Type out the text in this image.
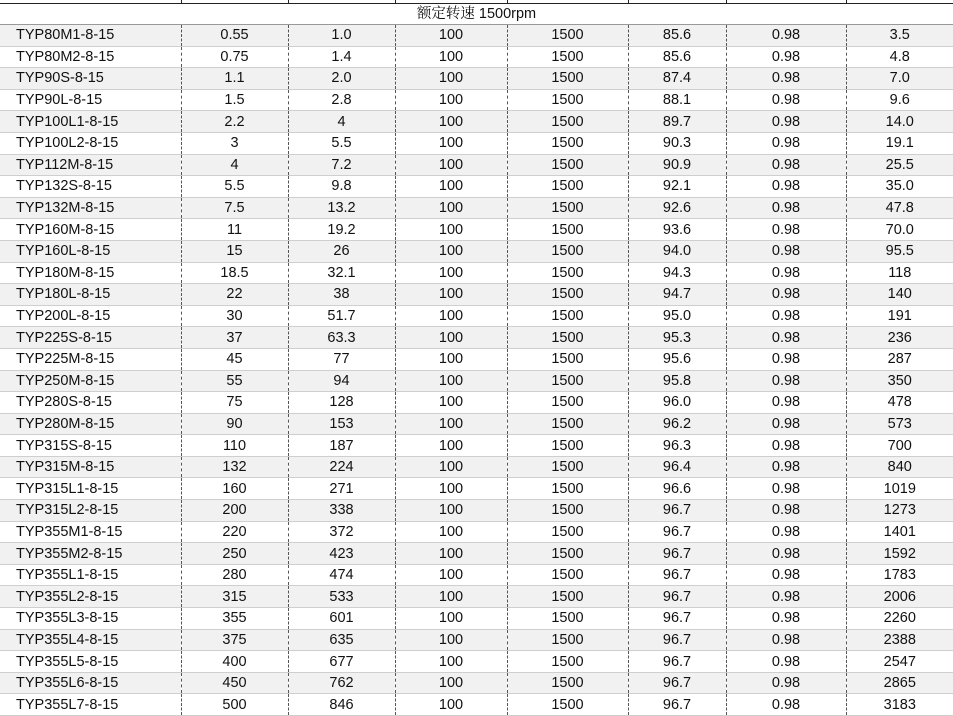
额定转速 1500rpm							
TYP80M1-8-15	0.55	1.0	100	1500	85.6	0.98	3.5
TYP80M2-8-15	0.75	1.4	100	1500	85.6	0.98	4.8
TYP90S-8-15	1.1	2.0	100	1500	87.4	0.98	7.0
TYP90L-8-15	1.5	2.8	100	1500	88.1	0.98	9.6
TYP100L1-8-15	2.2	4	100	1500	89.7	0.98	14.0
TYP100L2-8-15	3	5.5	100	1500	90.3	0.98	19.1
TYP112M-8-15	4	7.2	100	1500	90.9	0.98	25.5
TYP132S-8-15	5.5	9.8	100	1500	92.1	0.98	35.0
TYP132M-8-15	7.5	13.2	100	1500	92.6	0.98	47.8
TYP160M-8-15	11	19.2	100	1500	93.6	0.98	70.0
TYP160L-8-15	15	26	100	1500	94.0	0.98	95.5
TYP180M-8-15	18.5	32.1	100	1500	94.3	0.98	118
TYP180L-8-15	22	38	100	1500	94.7	0.98	140
TYP200L-8-15	30	51.7	100	1500	95.0	0.98	191
TYP225S-8-15	37	63.3	100	1500	95.3	0.98	236
TYP225M-8-15	45	77	100	1500	95.6	0.98	287
TYP250M-8-15	55	94	100	1500	95.8	0.98	350
TYP280S-8-15	75	128	100	1500	96.0	0.98	478
TYP280M-8-15	90	153	100	1500	96.2	0.98	573
TYP315S-8-15	110	187	100	1500	96.3	0.98	700
TYP315M-8-15	132	224	100	1500	96.4	0.98	840
TYP315L1-8-15	160	271	100	1500	96.6	0.98	1019
TYP315L2-8-15	200	338	100	1500	96.7	0.98	1273
TYP355M1-8-15	220	372	100	1500	96.7	0.98	1401
TYP355M2-8-15	250	423	100	1500	96.7	0.98	1592
TYP355L1-8-15	280	474	100	1500	96.7	0.98	1783
TYP355L2-8-15	315	533	100	1500	96.7	0.98	2006
TYP355L3-8-15	355	601	100	1500	96.7	0.98	2260
TYP355L4-8-15	375	635	100	1500	96.7	0.98	2388
TYP355L5-8-15	400	677	100	1500	96.7	0.98	2547
TYP355L6-8-15	450	762	100	1500	96.7	0.98	2865
TYP355L7-8-15	500	846	100	1500	96.7	0.98	3183
